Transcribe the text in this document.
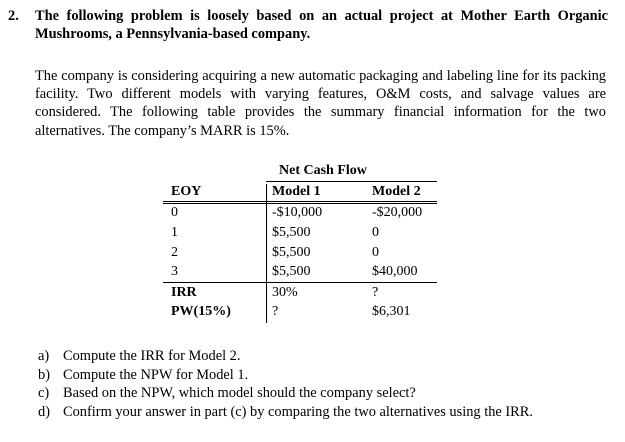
2. The following problem is loosely based on an actual project at Mother Earth Organic Mushrooms, a Pennsylvania-based company.
The company is considering acquiring a new automatic packaging and labeling line for its packing facility. Two different models with varying features, O&M costs, and salvage values are considered. The following table provides the summary financial information for the two alternatives. The company’s MARR is 15%.
Net Cash Flow
EOY	Model 1	Model 2
0	-$10,000	-$20,000
1	$5,500	0
2	$5,500	0
3	$5,500	$40,000
IRR	30%	?
PW(15%)	?	$6,301
a) Compute the IRR for Model 2.
b) Compute the NPW for Model 1.
c) Based on the NPW, which model should the company select?
d) Confirm your answer in part (c) by comparing the two alternatives using the IRR.
